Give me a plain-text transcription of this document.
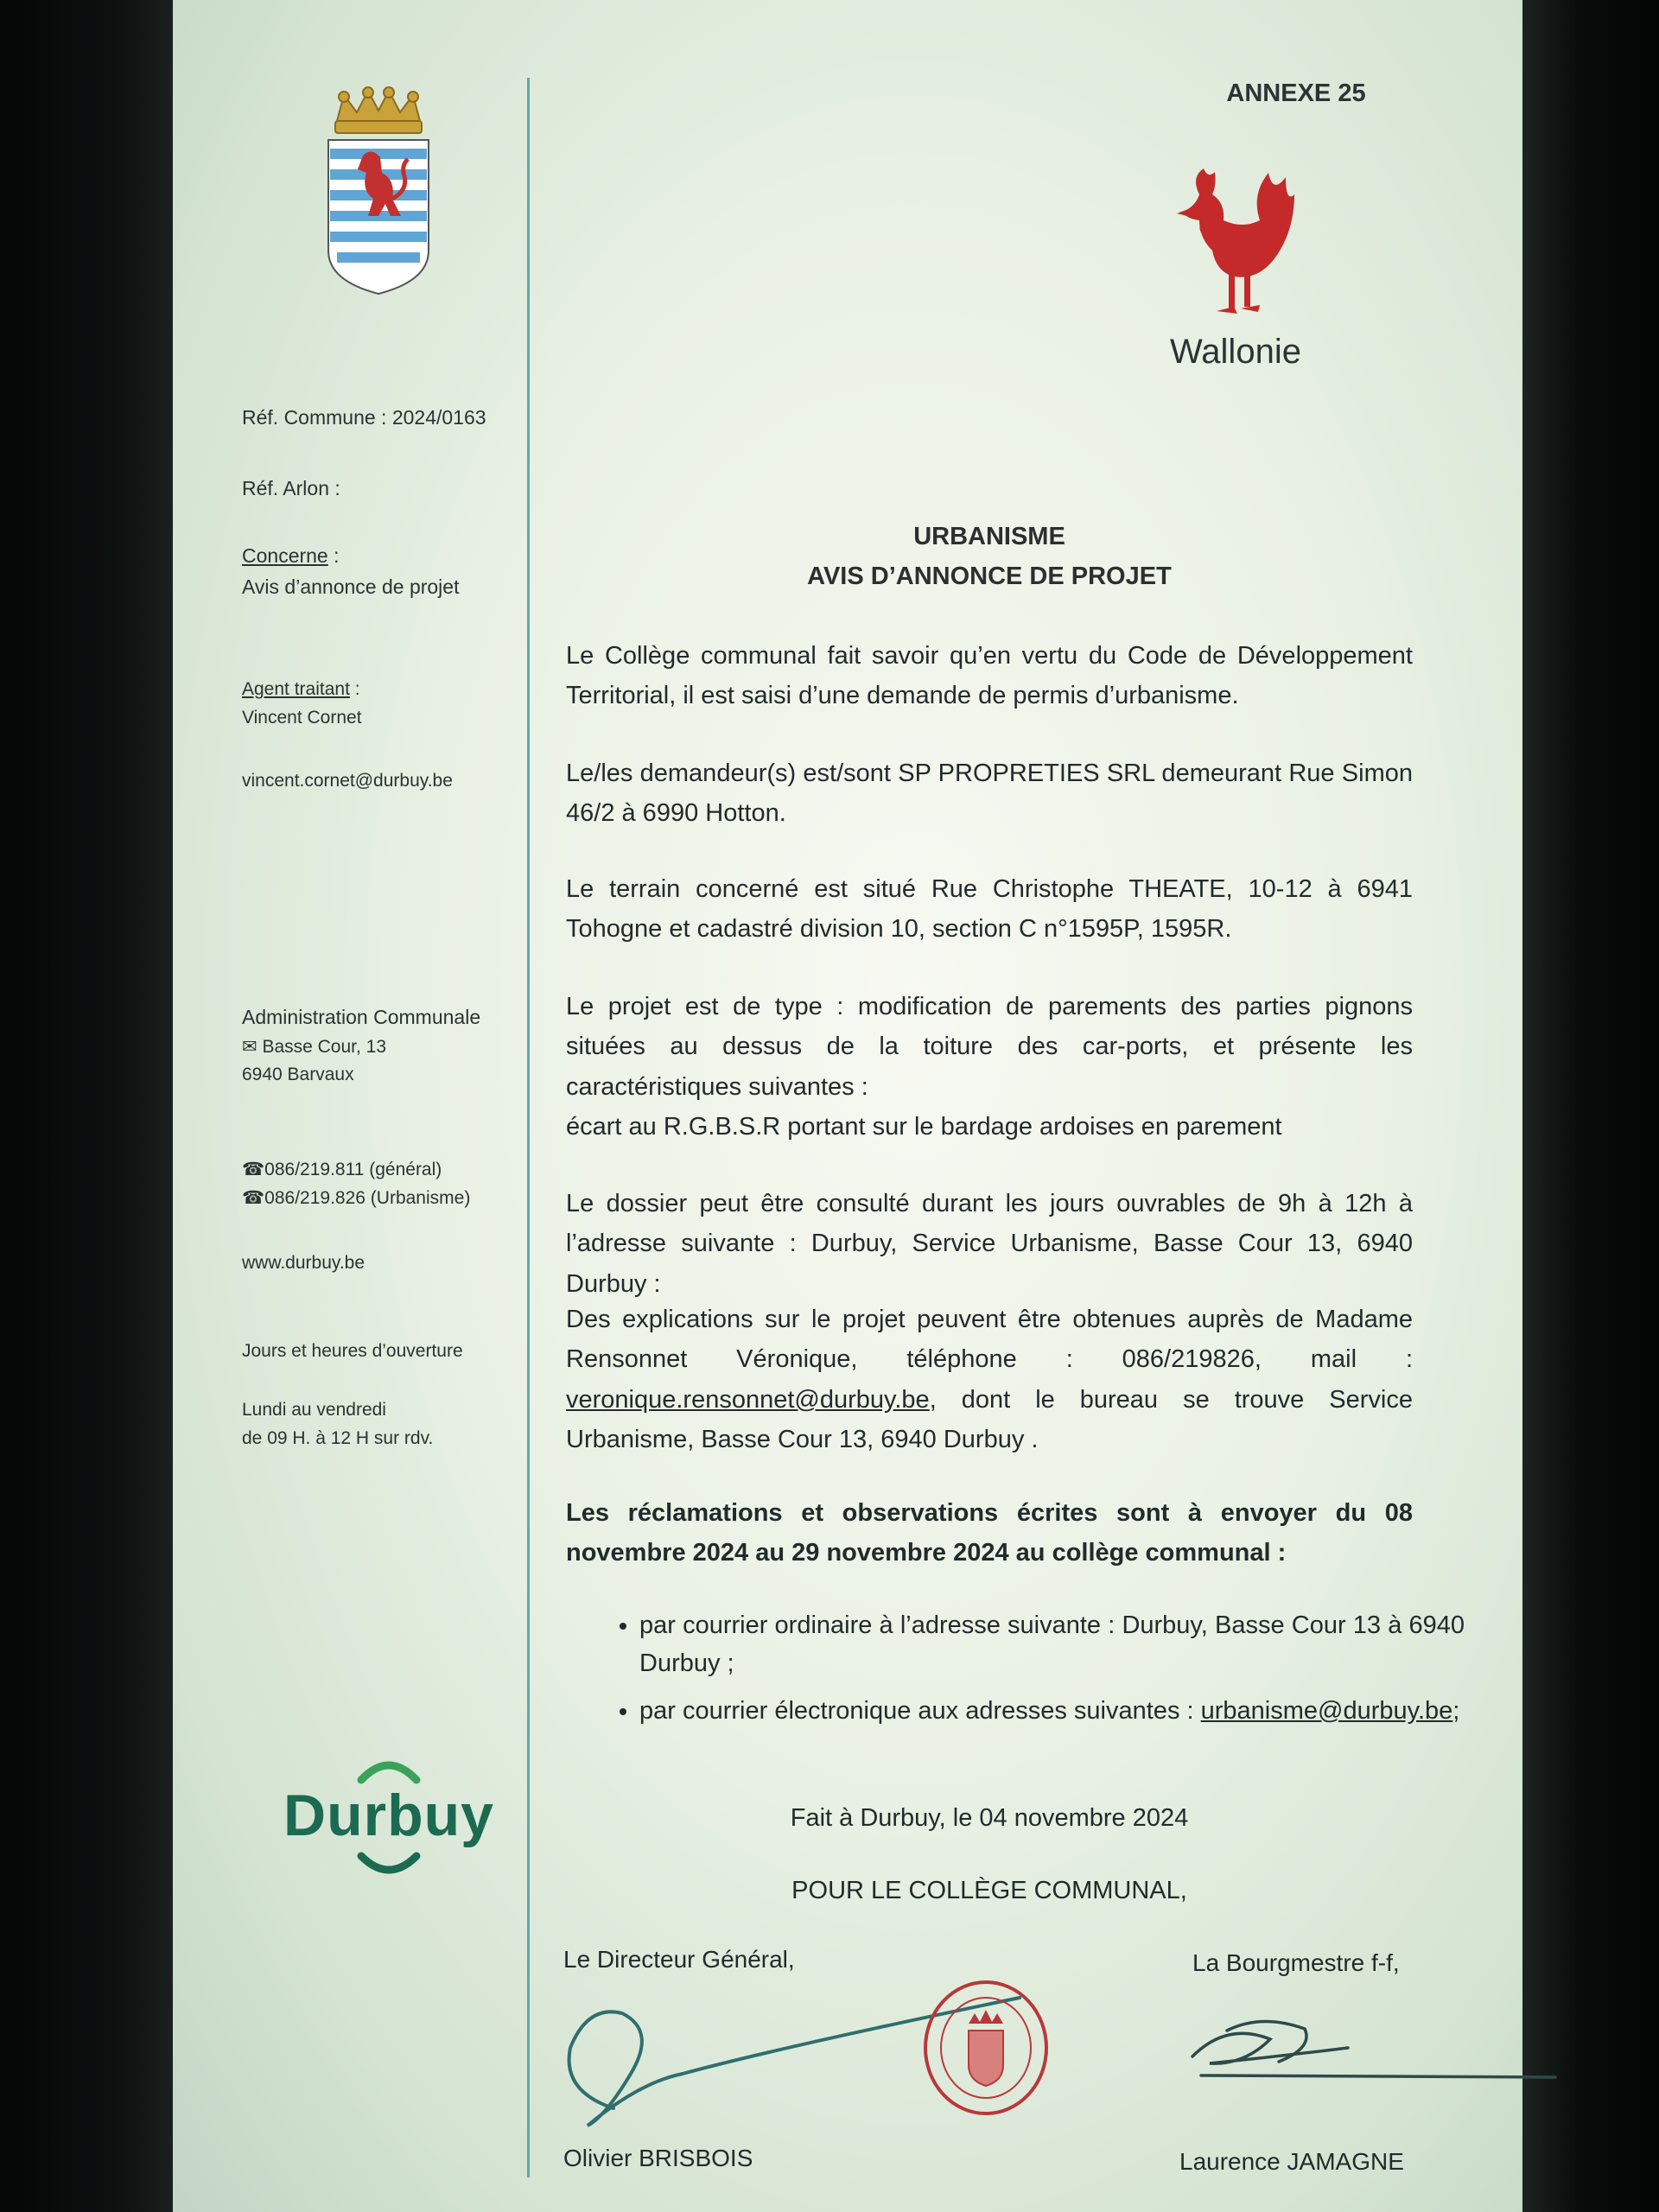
Réf. Commune : 2024/0163
Réf. Arlon :
Concerne :
Avis d’annonce de projet
Agent traitant :
Vincent Cornet
vincent.cornet@durbuy.be
Administration Communale
✉ Basse Cour, 13
6940 Barvaux
☎086/219.811 (général)
☎086/219.826 (Urbanisme)
www.durbuy.be
Jours et heures d’ouverture
Lundi au vendredi
de 09 H. à 12 H sur rdv.
Durbuy
ANNEXE 25
Wallonie
URBANISME
AVIS D’ANNONCE DE PROJET
Le Collège communal fait savoir qu’en vertu du Code de Développement Territorial, il est saisi d’une demande de permis d’urbanisme.
Le/les demandeur(s) est/sont SP PROPRETIES SRL demeurant Rue Simon 46/2 à 6990 Hotton.
Le terrain concerné est situé Rue Christophe THEATE, 10-12 à 6941 Tohogne et cadastré division 10, section C n°1595P, 1595R.
Le projet est de type : modification de parements des parties pignons situées au dessus de la toiture des car-ports, et présente les caractéristiques suivantes :
écart au R.G.B.S.R portant sur le bardage ardoises en parement
Le dossier peut être consulté durant les jours ouvrables de 9h à 12h à l’adresse suivante : Durbuy, Service Urbanisme, Basse Cour 13, 6940 Durbuy :
Des explications sur le projet peuvent être obtenues auprès de Madame Rensonnet Véronique, téléphone : 086/219826, mail : veronique.rensonnet@durbuy.be, dont le bureau se trouve Service Urbanisme, Basse Cour 13, 6940 Durbuy .
Les réclamations et observations écrites sont à envoyer du 08 novembre 2024 au 29 novembre 2024 au collège communal :
• par courrier ordinaire à l’adresse suivante : Durbuy, Basse Cour 13 à 6940 Durbuy ;
• par courrier électronique aux adresses suivantes : urbanisme@durbuy.be;
Fait à Durbuy, le 04 novembre 2024
POUR LE COLLÈGE COMMUNAL,
Le Directeur Général,	La Bourgmestre f-f,
Olivier BRISBOIS	Laurence JAMAGNE
